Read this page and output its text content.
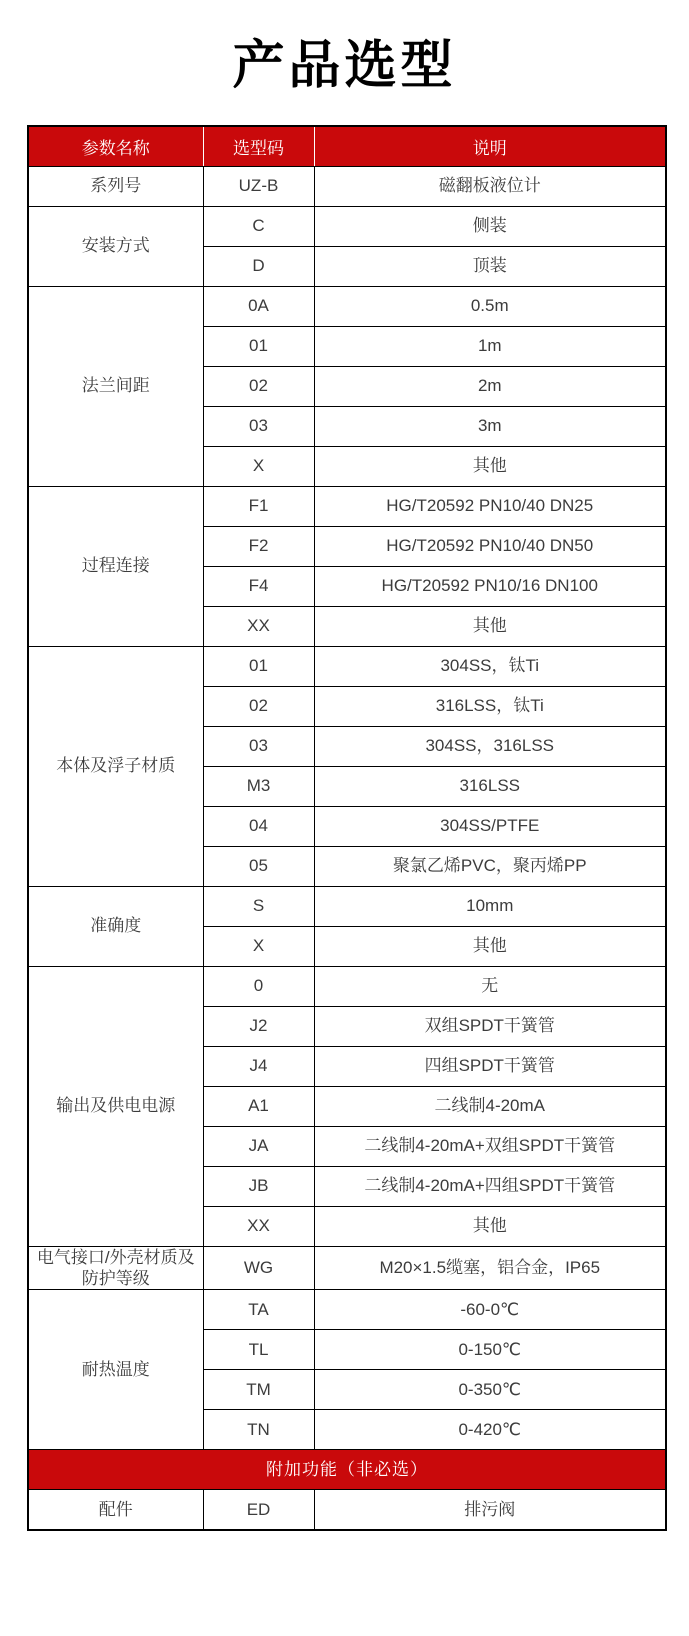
产品选型
参数名称	选型码	说明
系列号	UZ-B	磁翻板液位计
安装方式	C	侧装
	D	顶装
法兰间距	0A	0.5m
	01	1m
	02	2m
	03	3m
	X	其他
过程连接	F1	HG/T20592 PN10/40 DN25
	F2	HG/T20592 PN10/40 DN50
	F4	HG/T20592 PN10/16 DN100
	XX	其他
本体及浮子材质	01	304SS，钛Ti
	02	316LSS，钛Ti
	03	304SS，316LSS
	M3	316LSS
	04	304SS/PTFE
	05	聚氯乙烯PVC，聚丙烯PP
准确度	S	10mm
	X	其他
输出及供电电源	0	无
	J2	双组SPDT干簧管
	J4	四组SPDT干簧管
	A1	二线制4-20mA
	JA	二线制4-20mA+双组SPDT干簧管
	JB	二线制4-20mA+四组SPDT干簧管
	XX	其他
电气接口/外壳材质及防护等级	WG	M20×1.5缆塞，铝合金，IP65
耐热温度	TA	-60-0℃
	TL	0-150℃
	TM	0-350℃
	TN	0-420℃
附加功能（非必选）		
配件	ED	排污阀
